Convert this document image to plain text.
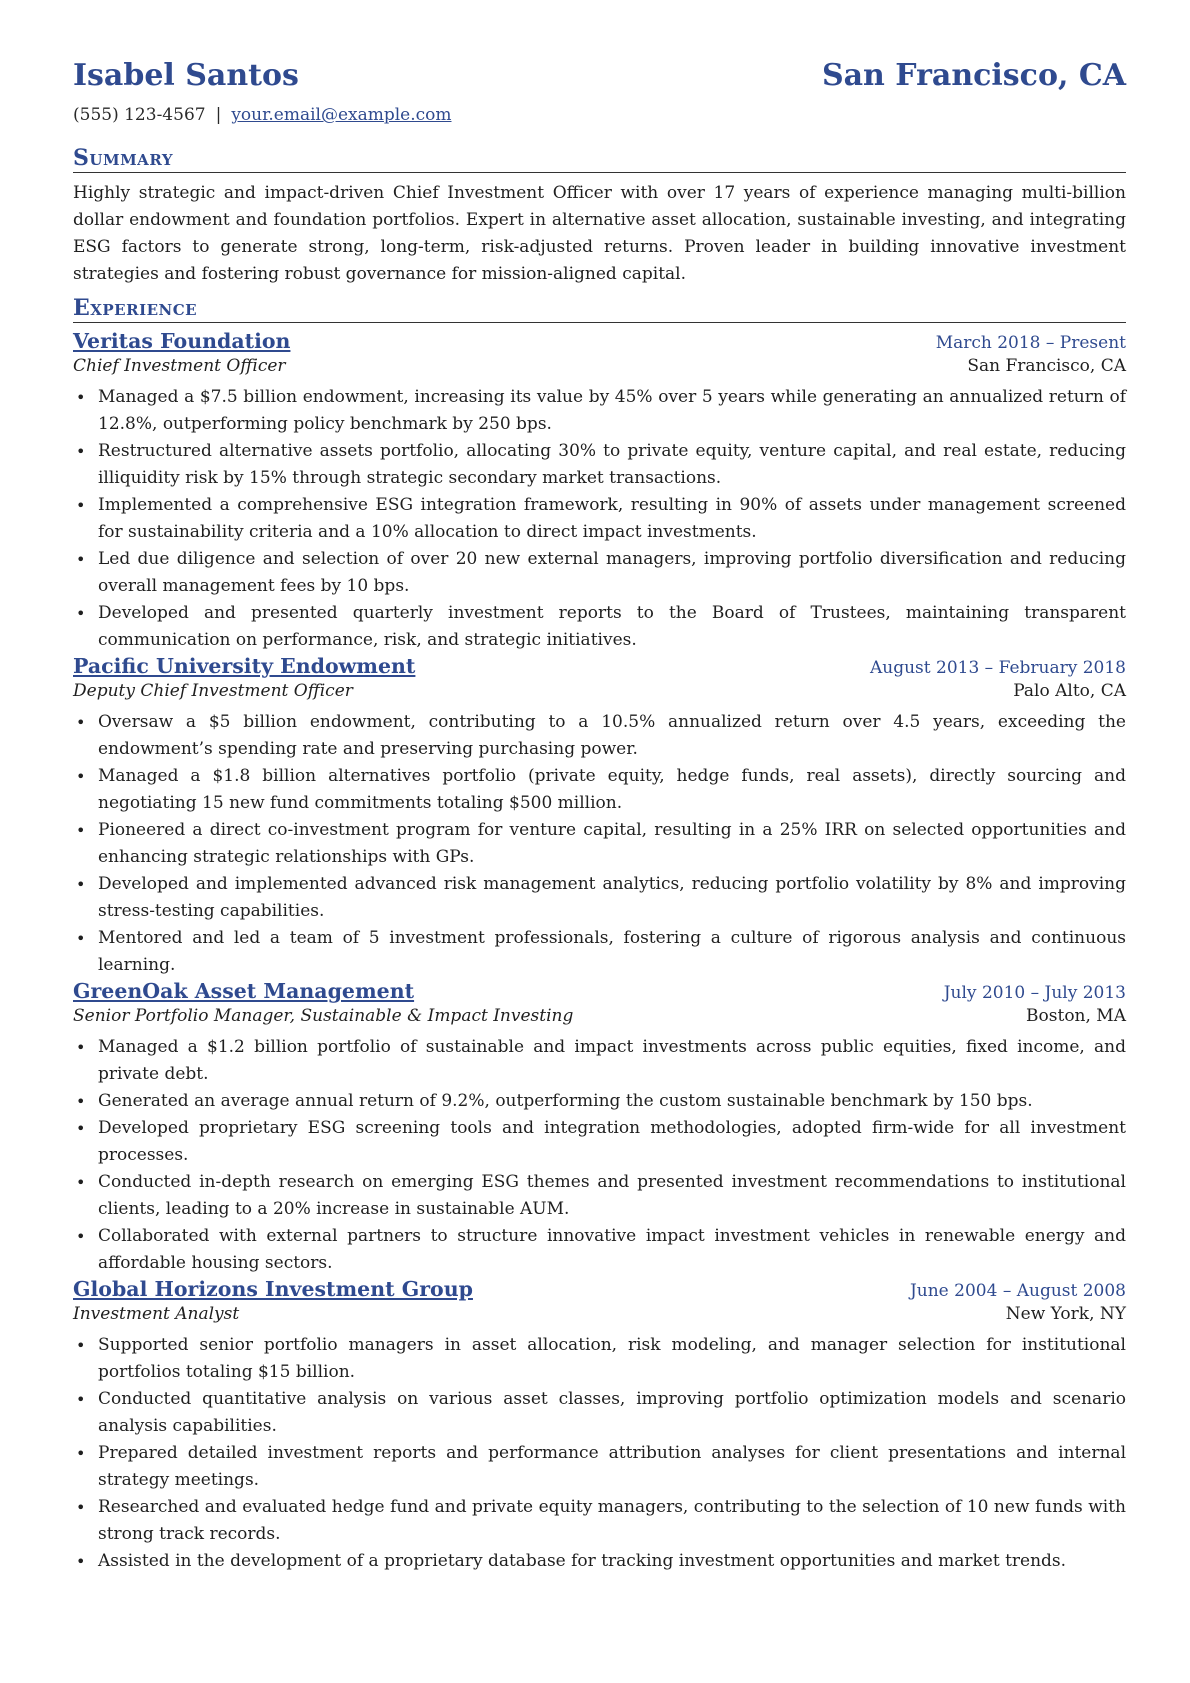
Isabel Santos	San Francisco, CA
(555) 123-4567 | your.email@example.com
Summary
Highly strategic and impact-driven Chief Investment Officer with over 17 years of experience managing multi-billion dollar endowment and foundation portfolios. Expert in alternative asset allocation, sustainable investing, and integrating ESG factors to generate strong, long-term, risk-adjusted returns. Proven leader in building innovative investment strategies and fostering robust governance for mission-aligned capital.
Experience
Veritas Foundation	March 2018 – Present
Chief Investment Officer	San Francisco, CA
• Managed a $7.5 billion endowment, increasing its value by 45% over 5 years while generating an annualized return of 12.8%, outperforming policy benchmark by 250 bps.
• Restructured alternative assets portfolio, allocating 30% to private equity, venture capital, and real estate, reducing illiquidity risk by 15% through strategic secondary market transactions.
• Implemented a comprehensive ESG integration framework, resulting in 90% of assets under management screened for sustainability criteria and a 10% allocation to direct impact investments.
• Led due diligence and selection of over 20 new external managers, improving portfolio diversification and reducing overall management fees by 10 bps.
• Developed and presented quarterly investment reports to the Board of Trustees, maintaining transparent communication on performance, risk, and strategic initiatives.
Pacific University Endowment	August 2013 – February 2018
Deputy Chief Investment Officer	Palo Alto, CA
• Oversaw a $5 billion endowment, contributing to a 10.5% annualized return over 4.5 years, exceeding the endowment’s spending rate and preserving purchasing power.
• Managed a $1.8 billion alternatives portfolio (private equity, hedge funds, real assets), directly sourcing and negotiating 15 new fund commitments totaling $500 million.
• Pioneered a direct co-investment program for venture capital, resulting in a 25% IRR on selected opportunities and enhancing strategic relationships with GPs.
• Developed and implemented advanced risk management analytics, reducing portfolio volatility by 8% and improving stress-testing capabilities.
• Mentored and led a team of 5 investment professionals, fostering a culture of rigorous analysis and continuous learning.
GreenOak Asset Management	July 2010 – July 2013
Senior Portfolio Manager, Sustainable & Impact Investing	Boston, MA
• Managed a $1.2 billion portfolio of sustainable and impact investments across public equities, fixed income, and private debt.
• Generated an average annual return of 9.2%, outperforming the custom sustainable benchmark by 150 bps.
• Developed proprietary ESG screening tools and integration methodologies, adopted firm-wide for all investment processes.
• Conducted in-depth research on emerging ESG themes and presented investment recommendations to institutional clients, leading to a 20% increase in sustainable AUM.
• Collaborated with external partners to structure innovative impact investment vehicles in renewable energy and affordable housing sectors.
Global Horizons Investment Group	June 2004 – August 2008
Investment Analyst	New York, NY
• Supported senior portfolio managers in asset allocation, risk modeling, and manager selection for institutional portfolios totaling $15 billion.
• Conducted quantitative analysis on various asset classes, improving portfolio optimization models and scenario analysis capabilities.
• Prepared detailed investment reports and performance attribution analyses for client presentations and internal strategy meetings.
• Researched and evaluated hedge fund and private equity managers, contributing to the selection of 10 new funds with strong track records.
• Assisted in the development of a proprietary database for tracking investment opportunities and market trends.
